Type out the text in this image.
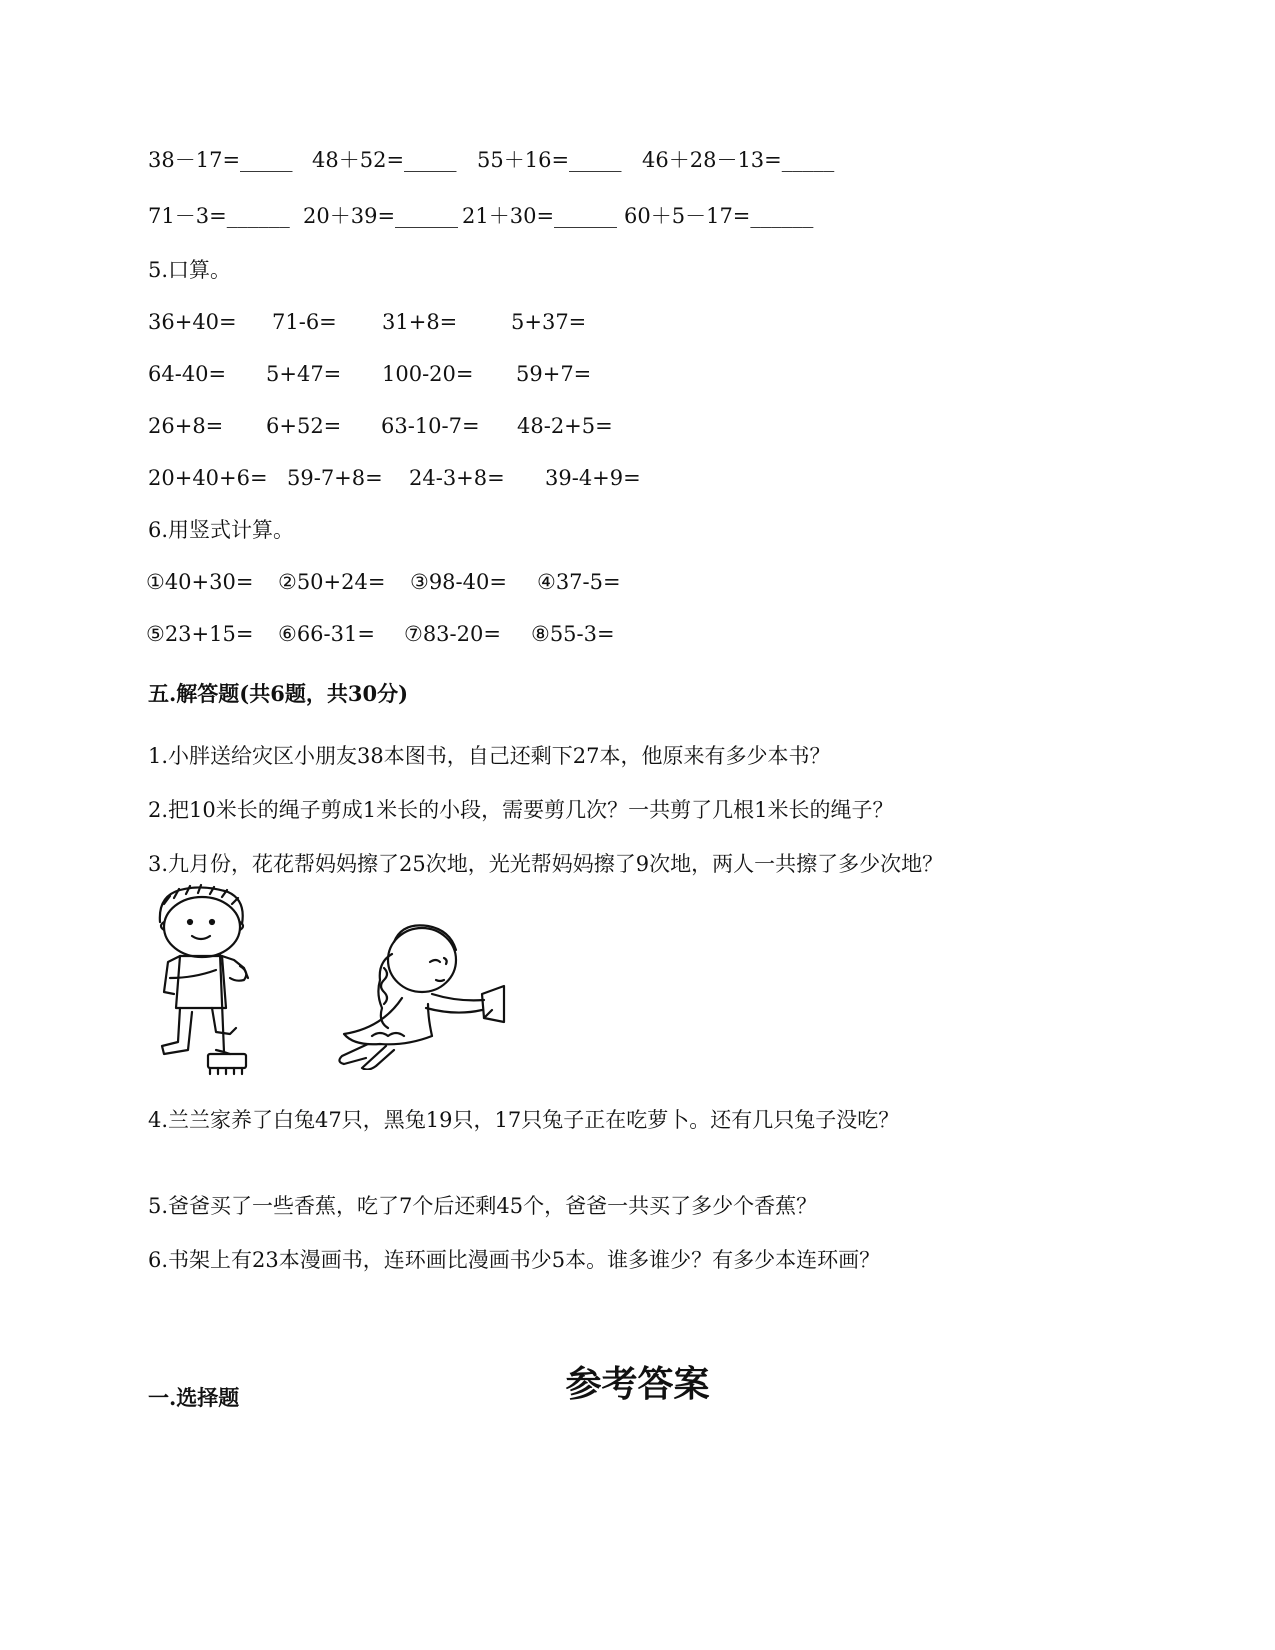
38－17=_____ 48＋52=_____ 55＋16=_____ 46＋28－13=_____
71－3=______ 20＋39=______ 21＋30=______ 60＋5－17=______
5.口算。
36+40= 71-6= 31+8=	5+37=
64-40= 5+47= 100-20= 59+7=
26+8= 6+52= 63-10-7= 48-2+5=
20+40+6= 59-7+8= 24-3+8= 39-4+9=
6.用竖式计算。
①40+30= ②50+24= ③98-40= ④37-5=
⑤23+15= ⑥66-31= ⑦83-20= ⑧55-3=
五.解答题(共6题，共30分)
1.小胖送给灾区小朋友38本图书，自己还剩下27本，他原来有多少本书？
2.把10米长的绳子剪成1米长的小段，需要剪几次？一共剪了几根1米长的绳子？
3.九月份，花花帮妈妈擦了25次地，光光帮妈妈擦了9次地，两人一共擦了多少次地？
4.兰兰家养了白兔47只，黑兔19只，17只兔子正在吃萝卜。还有几只兔子没吃？
5.爸爸买了一些香蕉，吃了7个后还剩45个，爸爸一共买了多少个香蕉？
6.书架上有23本漫画书，连环画比漫画书少5本。谁多谁少？有多少本连环画？
参考答案
一.选择题
